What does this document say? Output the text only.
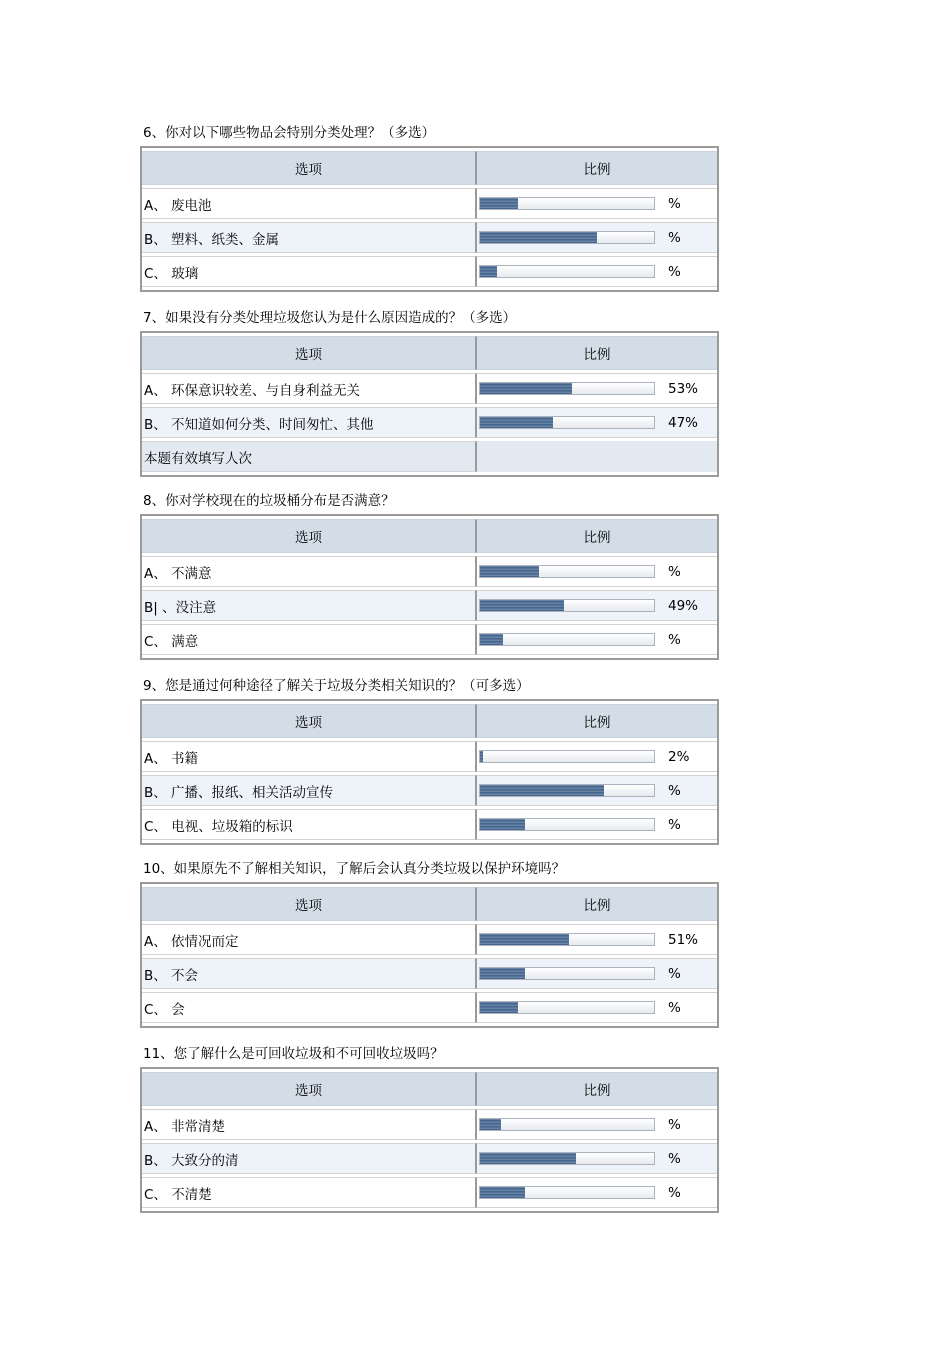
6、你对以下哪些物品会特别分类处理？（多选）
选项	比例
A、 废电池	%

B、 塑料、纸类、金属	%

C、 玻璃	%
7、如果没有分类处理垃圾您认为是什么原因造成的？（多选）
选项	比例
A、 环保意识较差、与自身利益无关	53%

B、 不知道如何分类、时间匆忙、其他	47%

本题有效填写人次	
8、你对学校现在的垃圾桶分布是否满意？
选项	比例
A、 不满意	%

B| 、没注意	49%

C、 满意	%
9、您是通过何种途径了解关于垃圾分类相关知识的？（可多选）
选项	比例
A、 书籍	2%

B、 广播、报纸、相关活动宣传	%

C、 电视、垃圾箱的标识	%
10、如果原先不了解相关知识，了解后会认真分类垃圾以保护环境吗？
选项	比例
A、 依情况而定	51%

B、 不会	%

C、 会	%
11、您了解什么是可回收垃圾和不可回收垃圾吗？
选项	比例
A、 非常清楚	%

B、 大致分的清	%

C、 不清楚	%
